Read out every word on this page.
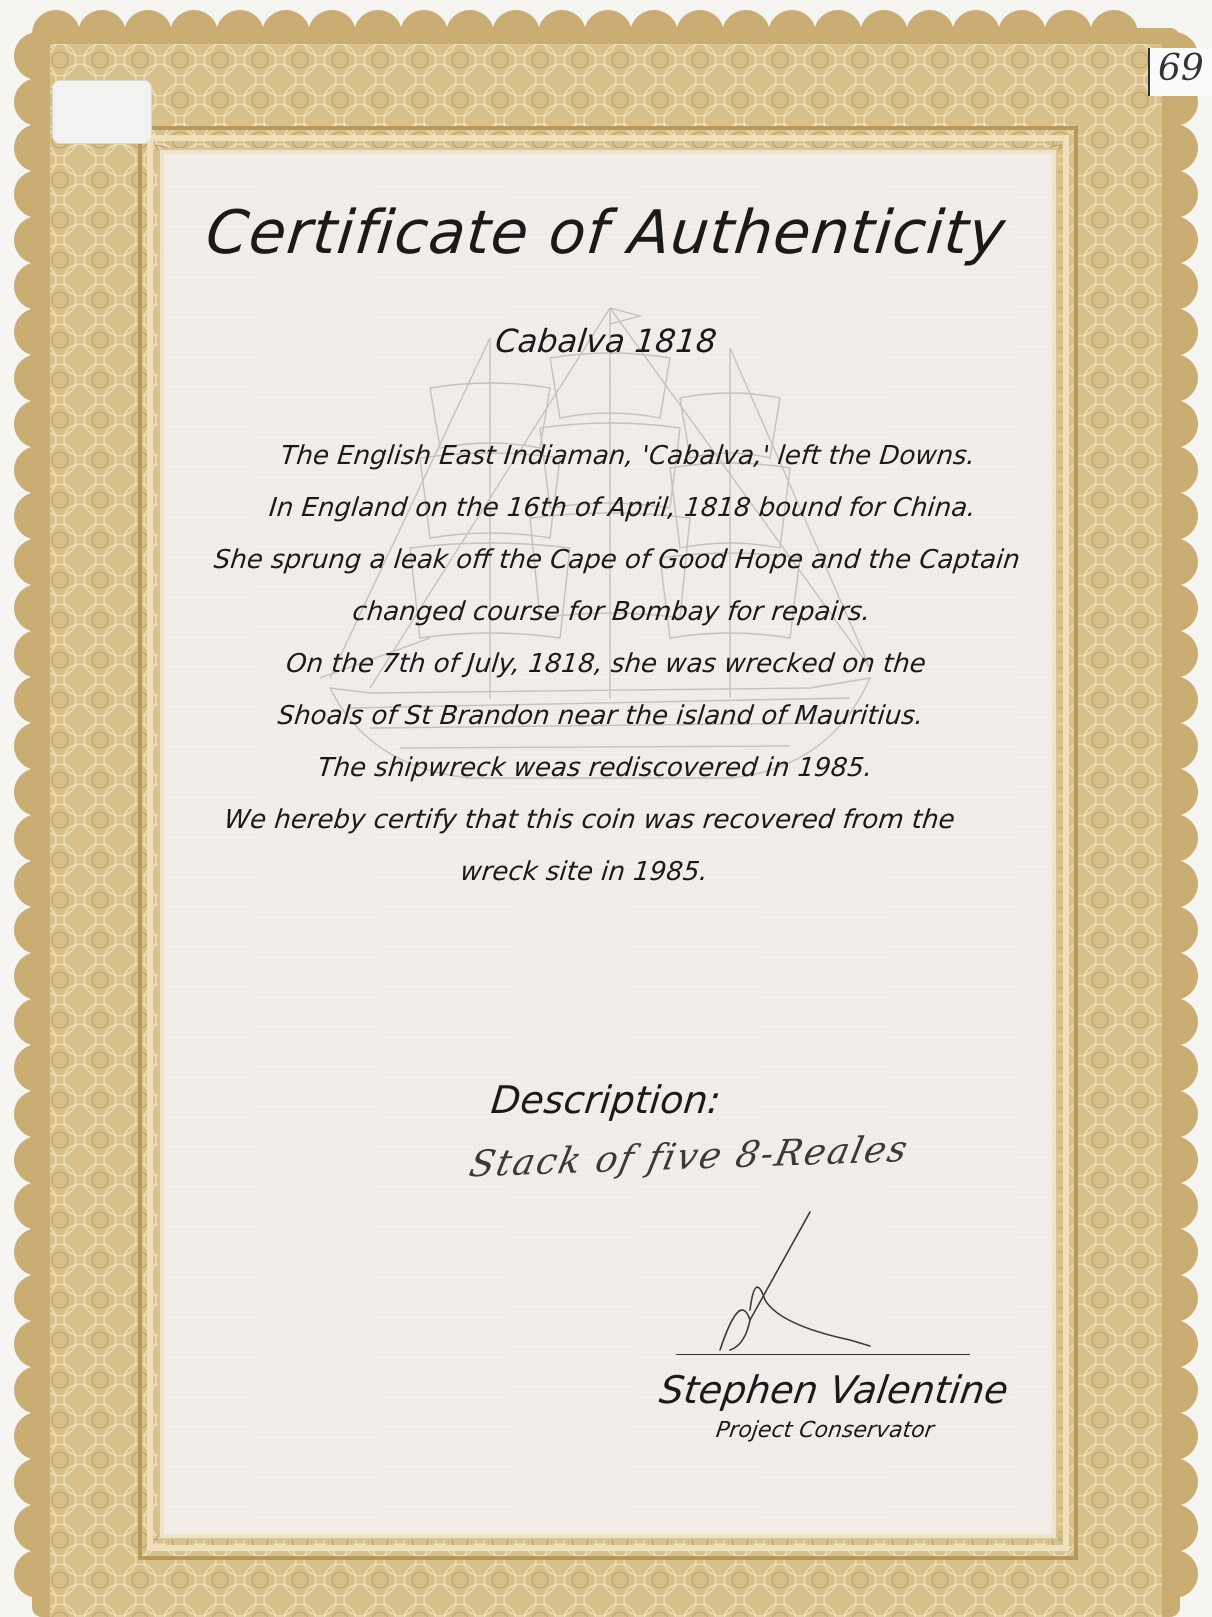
69
Certificate of Authenticity
Cabalva 1818
The English East Indiaman, 'Cabalva,' left the Downs.
In England on the 16th of April, 1818 bound for China.
She sprung a leak off the Cape of Good Hope and the Captain
changed course for Bombay for repairs.
On the 7th of July, 1818, she was wrecked on the
Shoals of St Brandon near the island of Mauritius.
The shipwreck weas rediscovered in 1985.
We hereby certify that this coin was recovered from the
wreck site in 1985.
Description:
Stack of five 8-Reales
Stephen Valentine
Project Conservator
